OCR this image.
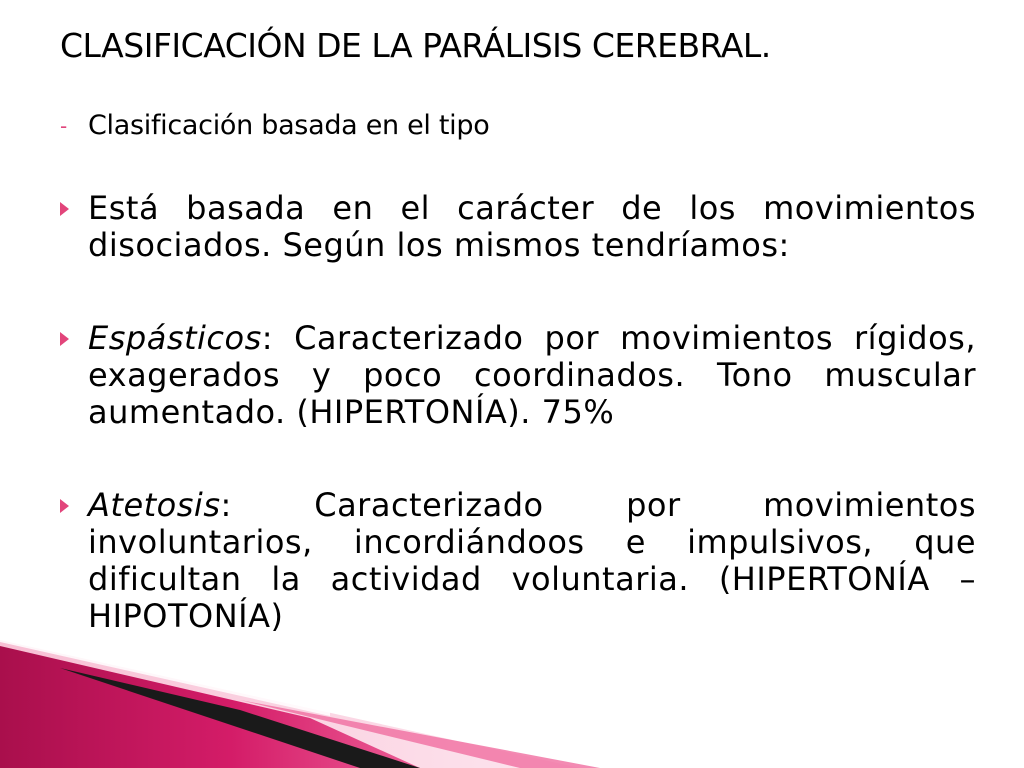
CLASIFICACIÓN DE LA PARÁLISIS CEREBRAL.
- Clasificación basada en el tipo
Está basada en el carácter de los movimientos disociados. Según los mismos tendríamos:
Espásticos: Caracterizado por movimientos rígidos, exagerados y poco coordinados. Tono muscular aumentado. (HIPERTONÍA). 75%
Atetosis: Caracterizado por movimientos involuntarios, incordiándoos e impulsivos, que dificultan la actividad voluntaria. (HIPERTONÍA –HIPOTONÍA)
